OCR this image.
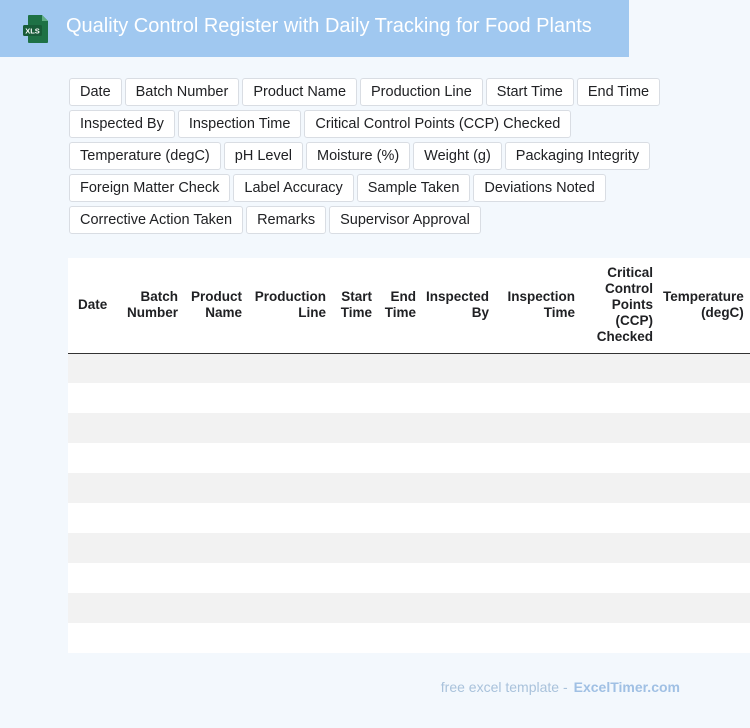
XLS Quality Control Register with Daily Tracking for Food Plants
Date	Batch Number	Product Name	Production Line	Start Time	End Time
Inspected By	Inspection Time	Critical Control Points (CCP) Checked
Temperature (degC)	pH Level	Moisture (%)	Weight (g)	Packaging Integrity
Foreign Matter Check	Label Accuracy	Sample Taken	Deviations Noted
Corrective Action Taken	Remarks	Supervisor Approval
Date	Batch Number	Product Name	Production Line	Start Time	End Time	Inspected By	Inspection Time	Critical Control Points (CCP) Checked	Temperature (degC)

free excel template - ExcelTimer.com
